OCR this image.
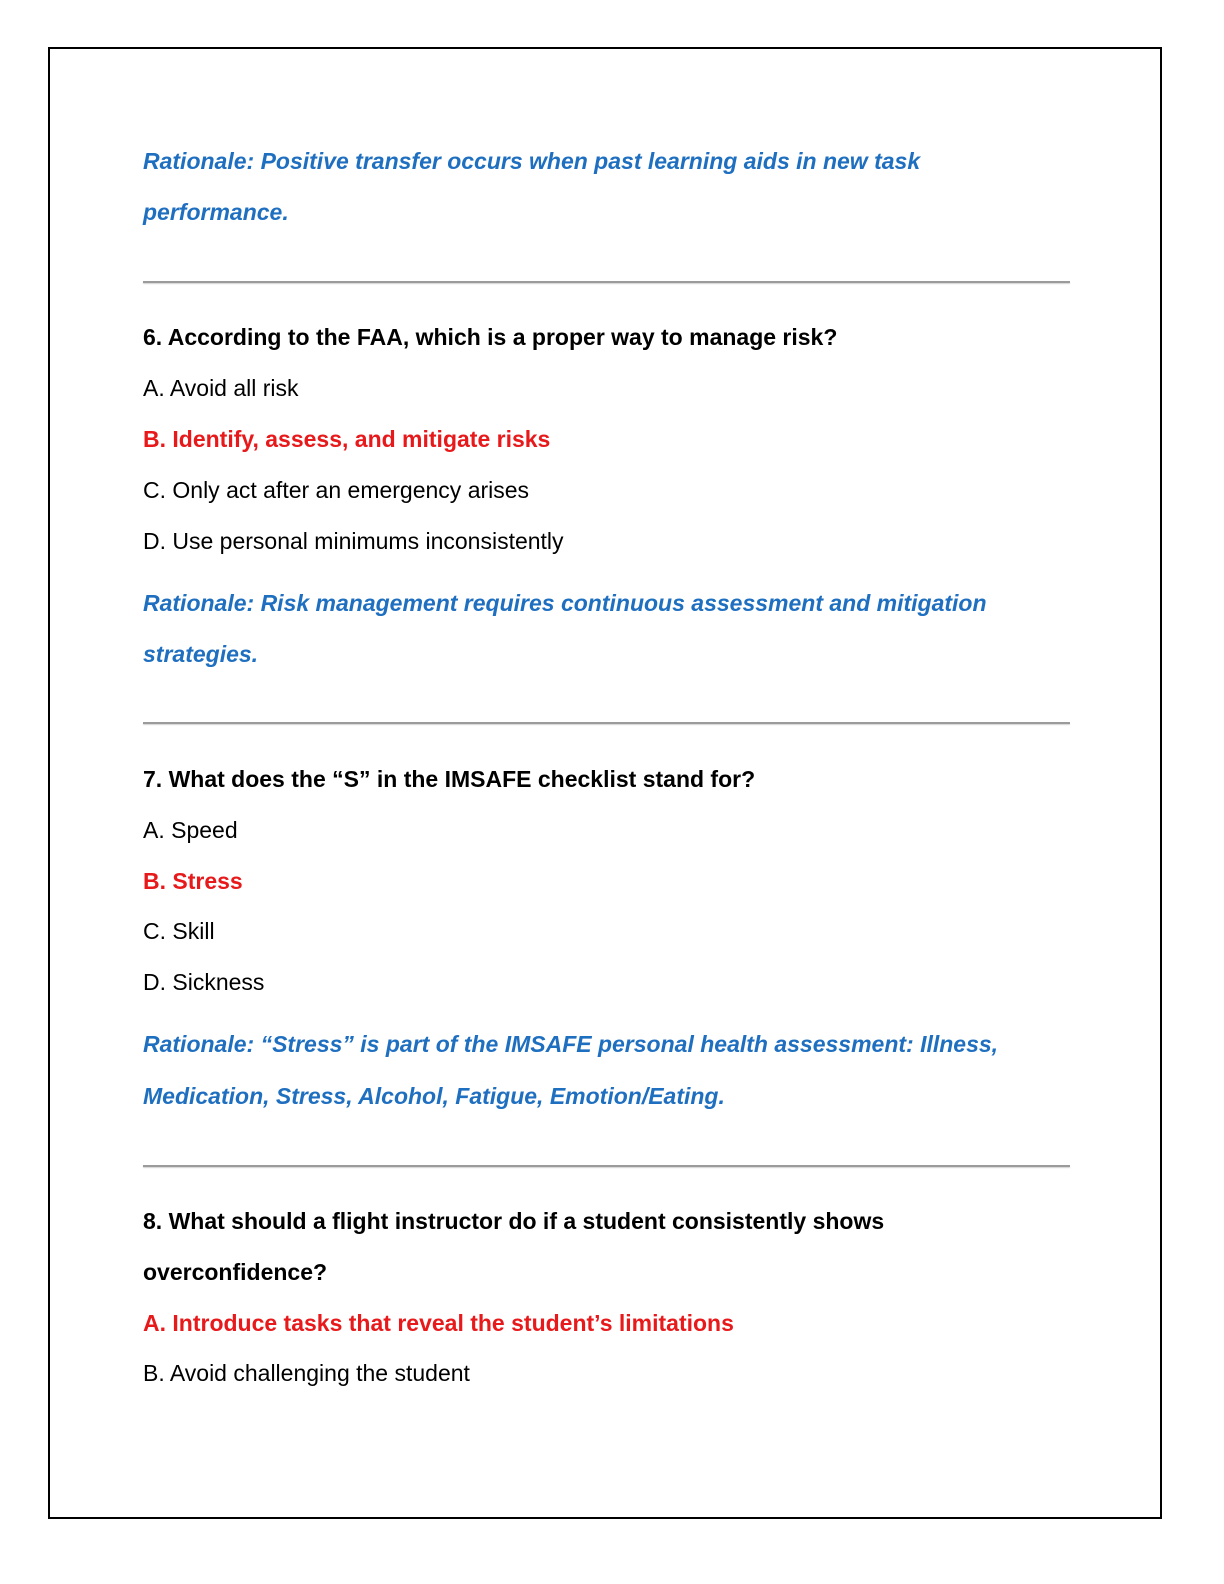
Rationale: Positive transfer occurs when past learning aids in new task
performance.
6. According to the FAA, which is a proper way to manage risk?
A. Avoid all risk
B. Identify, assess, and mitigate risks
C. Only act after an emergency arises
D. Use personal minimums inconsistently
Rationale: Risk management requires continuous assessment and mitigation
strategies.
7. What does the “S” in the IMSAFE checklist stand for?
A. Speed
B. Stress
C. Skill
D. Sickness
Rationale: “Stress” is part of the IMSAFE personal health assessment: Illness,
Medication, Stress, Alcohol, Fatigue, Emotion/Eating.
8. What should a flight instructor do if a student consistently shows
overconfidence?
A. Introduce tasks that reveal the student’s limitations
B. Avoid challenging the student
